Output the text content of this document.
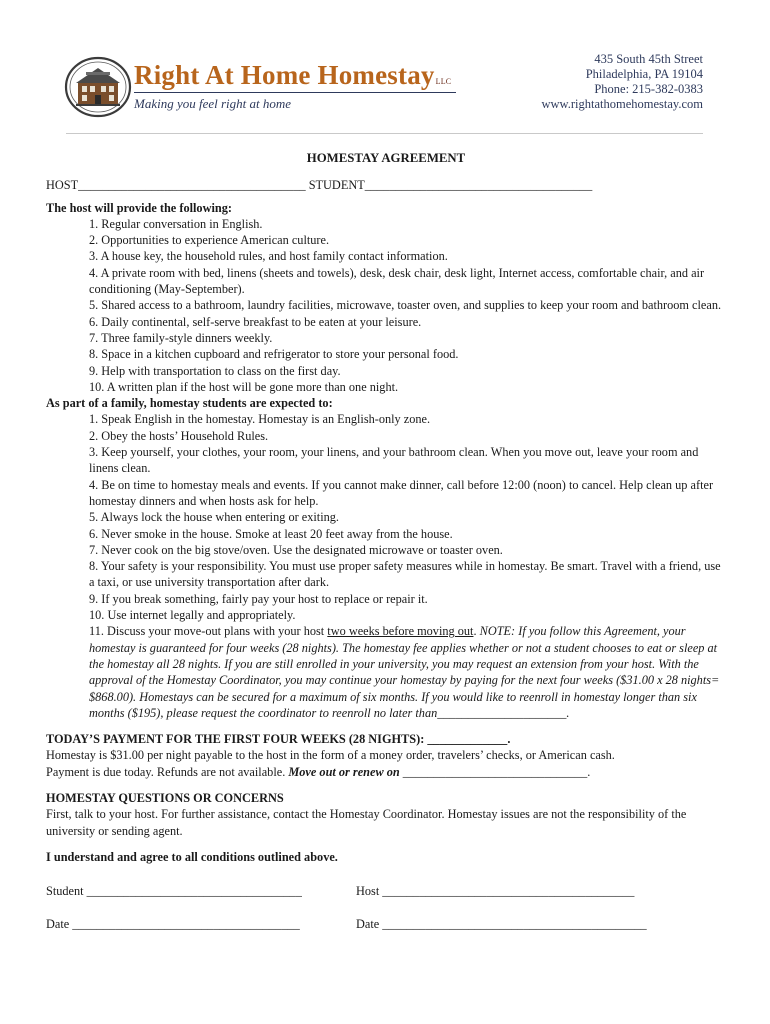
Right At Home HomestayLLC
Making you feel right at home
435 South 45th Street
Philadelphia, PA 19104
Phone: 215-382-0383
www.rightathomehomestay.com
HOMESTAY AGREEMENT
HOST_____________________________________ STUDENT_____________________________________
The host will provide the following:
1. Regular conversation in English.
2. Opportunities to experience American culture.
3. A house key, the household rules, and host family contact information.
4. A private room with bed, linens (sheets and towels), desk, desk chair, desk light, Internet access, comfortable chair, and air conditioning (May-September).
5. Shared access to a bathroom, laundry facilities, microwave, toaster oven, and supplies to keep your room and bathroom clean.
6. Daily continental, self-serve breakfast to be eaten at your leisure.
7. Three family-style dinners weekly.
8. Space in a kitchen cupboard and refrigerator to store your personal food.
9. Help with transportation to class on the first day.
10. A written plan if the host will be gone more than one night.
As part of a family, homestay students are expected to:
1. Speak English in the homestay. Homestay is an English-only zone.
2. Obey the hosts’ Household Rules.
3. Keep yourself, your clothes, your room, your linens, and your bathroom clean. When you move out, leave your room and linens clean.
4. Be on time to homestay meals and events. If you cannot make dinner, call before 12:00 (noon) to cancel. Help clean up after homestay dinners and when hosts ask for help.
5. Always lock the house when entering or exiting.
6. Never smoke in the house. Smoke at least 20 feet away from the house.
7. Never cook on the big stove/oven. Use the designated microwave or toaster oven.
8. Your safety is your responsibility. You must use proper safety measures while in homestay. Be smart. Travel with a friend, use a taxi, or use university transportation after dark.
9. If you break something, fairly pay your host to replace or repair it.
10. Use internet legally and appropriately.
11. Discuss your move-out plans with your host two weeks before moving out. NOTE: If you follow this Agreement, your homestay is guaranteed for four weeks (28 nights). The homestay fee applies whether or not a student chooses to eat or sleep at the homestay all 28 nights. If you are still enrolled in your university, you may request an extension from your host. With the approval of the Homestay Coordinator, you may continue your homestay by paying for the next four weeks ($31.00 x 28 nights= $868.00). Homestays can be secured for a maximum of six months. If you would like to reenroll in homestay longer than six months ($195), please request the coordinator to reenroll no later than_____________________.
TODAY’S PAYMENT FOR THE FIRST FOUR WEEKS (28 NIGHTS): _____________.
Homestay is $31.00 per night payable to the host in the form of a money order, travelers’ checks, or American cash.
Payment is due today. Refunds are not available. Move out or renew on ______________________________.
HOMESTAY QUESTIONS OR CONCERNS
First, talk to your host. For further assistance, contact the Homestay Coordinator. Homestay issues are not the responsibility of the university or sending agent.
I understand and agree to all conditions outlined above.
Student ___________________________________	Host _________________________________________
Date _____________________________________	Date ___________________________________________
